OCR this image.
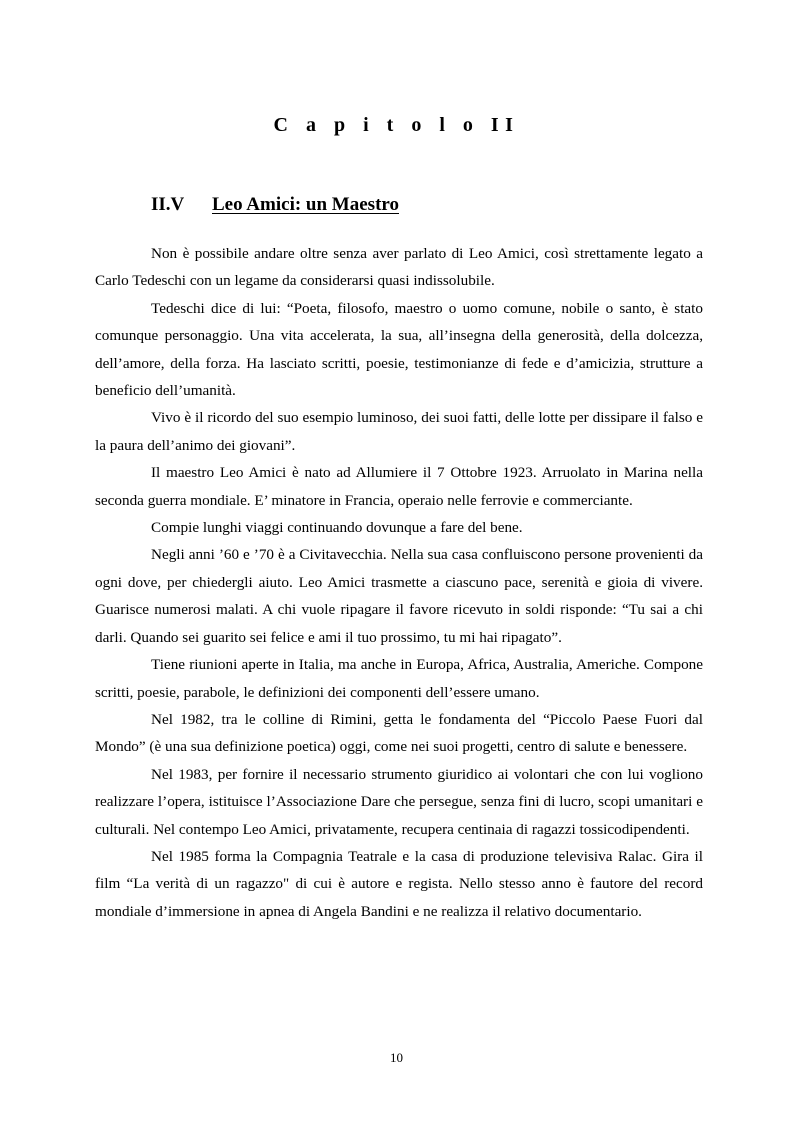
C a p i t o l o II
II.V Leo Amici: un Maestro

Non è possibile andare oltre senza aver parlato di Leo Amici, così strettamente legato a Carlo Tedeschi con un legame da considerarsi quasi indissolubile.

Tedeschi dice di lui: “Poeta, filosofo, maestro o uomo comune, nobile o santo, è stato comunque personaggio. Una vita accelerata, la sua, all’insegna della generosità, della dolcezza, dell’amore, della forza. Ha lasciato scritti, poesie, testimonianze di fede e d’amicizia, strutture a beneficio dell’umanità.

Vivo è il ricordo del suo esempio luminoso, dei suoi fatti, delle lotte per dissipare il falso e la paura dell’animo dei giovani”.

Il maestro Leo Amici è nato ad Allumiere il 7 Ottobre 1923. Arruolato in Marina nella seconda guerra mondiale. E’ minatore in Francia, operaio nelle ferrovie e commerciante.

Compie lunghi viaggi continuando dovunque a fare del bene.

Negli anni ’60 e ’70 è a Civitavecchia. Nella sua casa confluiscono persone provenienti da ogni dove, per chiedergli aiuto. Leo Amici trasmette a ciascuno pace, serenità e gioia di vivere. Guarisce numerosi malati. A chi vuole ripagare il favore ricevuto in soldi risponde: “Tu sai a chi darli. Quando sei guarito sei felice e ami il tuo prossimo, tu mi hai ripagato”.

Tiene riunioni aperte in Italia, ma anche in Europa, Africa, Australia, Americhe. Compone scritti, poesie, parabole, le definizioni dei componenti dell’essere umano.

Nel 1982, tra le colline di Rimini, getta le fondamenta del “Piccolo Paese Fuori dal Mondo” (è una sua definizione poetica) oggi, come nei suoi progetti, centro di salute e benessere.

Nel 1983, per fornire il necessario strumento giuridico ai volontari che con lui vogliono realizzare l’opera, istituisce l’Associazione Dare che persegue, senza fini di lucro, scopi umanitari e culturali. Nel contempo Leo Amici, privatamente, recupera centinaia di ragazzi tossicodipendenti.

Nel 1985 forma la Compagnia Teatrale e la casa di produzione televisiva Ralac. Gira il film “La verità di un ragazzo" di cui è autore e regista. Nello stesso anno è fautore del record mondiale d’immersione in apnea di Angela Bandini e ne realizza il relativo documentario.

10
